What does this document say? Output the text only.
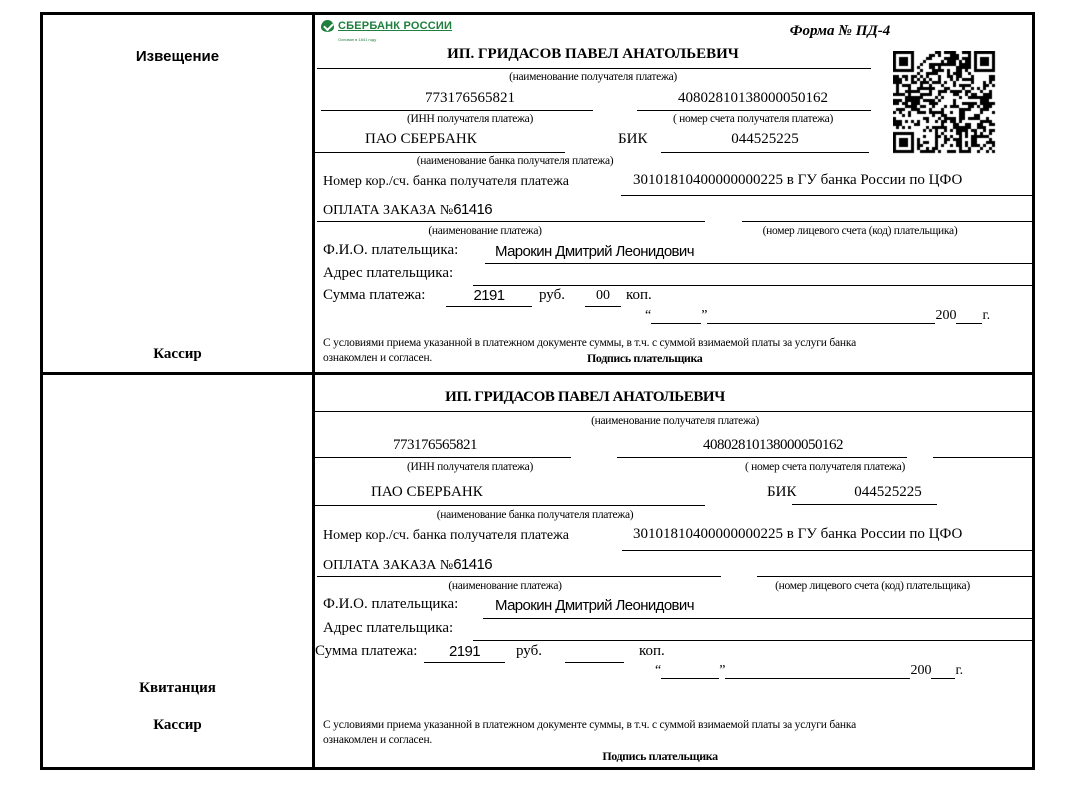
Извещение
Кассир
СБЕРБАНК РОССИИ
Основан в 1841 году
Форма № ПД-4
ИП. ГРИДАСОВ ПАВЕЛ АНАТОЛЬЕВИЧ
(наименование получателя платежа)
773176565821	40802810138000050162
(ИНН получателя платежа)	( номер счета получателя платежа)
ПАО СБЕРБАНК	БИК	044525225
(наименование банка получателя платежа)
Номер кор./сч. банка получателя платежа	30101810400000000225 в ГУ банка России по ЦФО
ОПЛАТА ЗАКАЗА №61416
(наименование платежа)	(номер лицевого счета (код) плательщика)
Ф.И.О. плательщика: Марокин Дмитрий Леонидович
Адрес плательщика:
Сумма платежа:	2191	руб.	00	коп.
“	”	200 г.
С условиями приема указанной в платежном документе суммы, в т.ч. с суммой взимаемой платы за услуги банка
ознакомлен и согласен.	Подпись плательщика
Квитанция
Кассир
ИП. ГРИДАСОВ ПАВЕЛ АНАТОЛЬЕВИЧ
(наименование получателя платежа)
773176565821	40802810138000050162
(ИНН получателя платежа)	( номер счета получателя платежа)
ПАО СБЕРБАНК	БИК	044525225
(наименование банка получателя платежа)
Номер кор./сч. банка получателя платежа	30101810400000000225 в ГУ банка России по ЦФО
ОПЛАТА ЗАКАЗА №61416
(наименование платежа)	(номер лицевого счета (код) плательщика)
Ф.И.О. плательщика: Марокин Дмитрий Леонидович
Адрес плательщика:
Сумма платежа:	2191	руб.	коп.
“	”	200 г.
С условиями приема указанной в платежном документе суммы, в т.ч. с суммой взимаемой платы за услуги банка
ознакомлен и согласен.
Подпись плательщика
